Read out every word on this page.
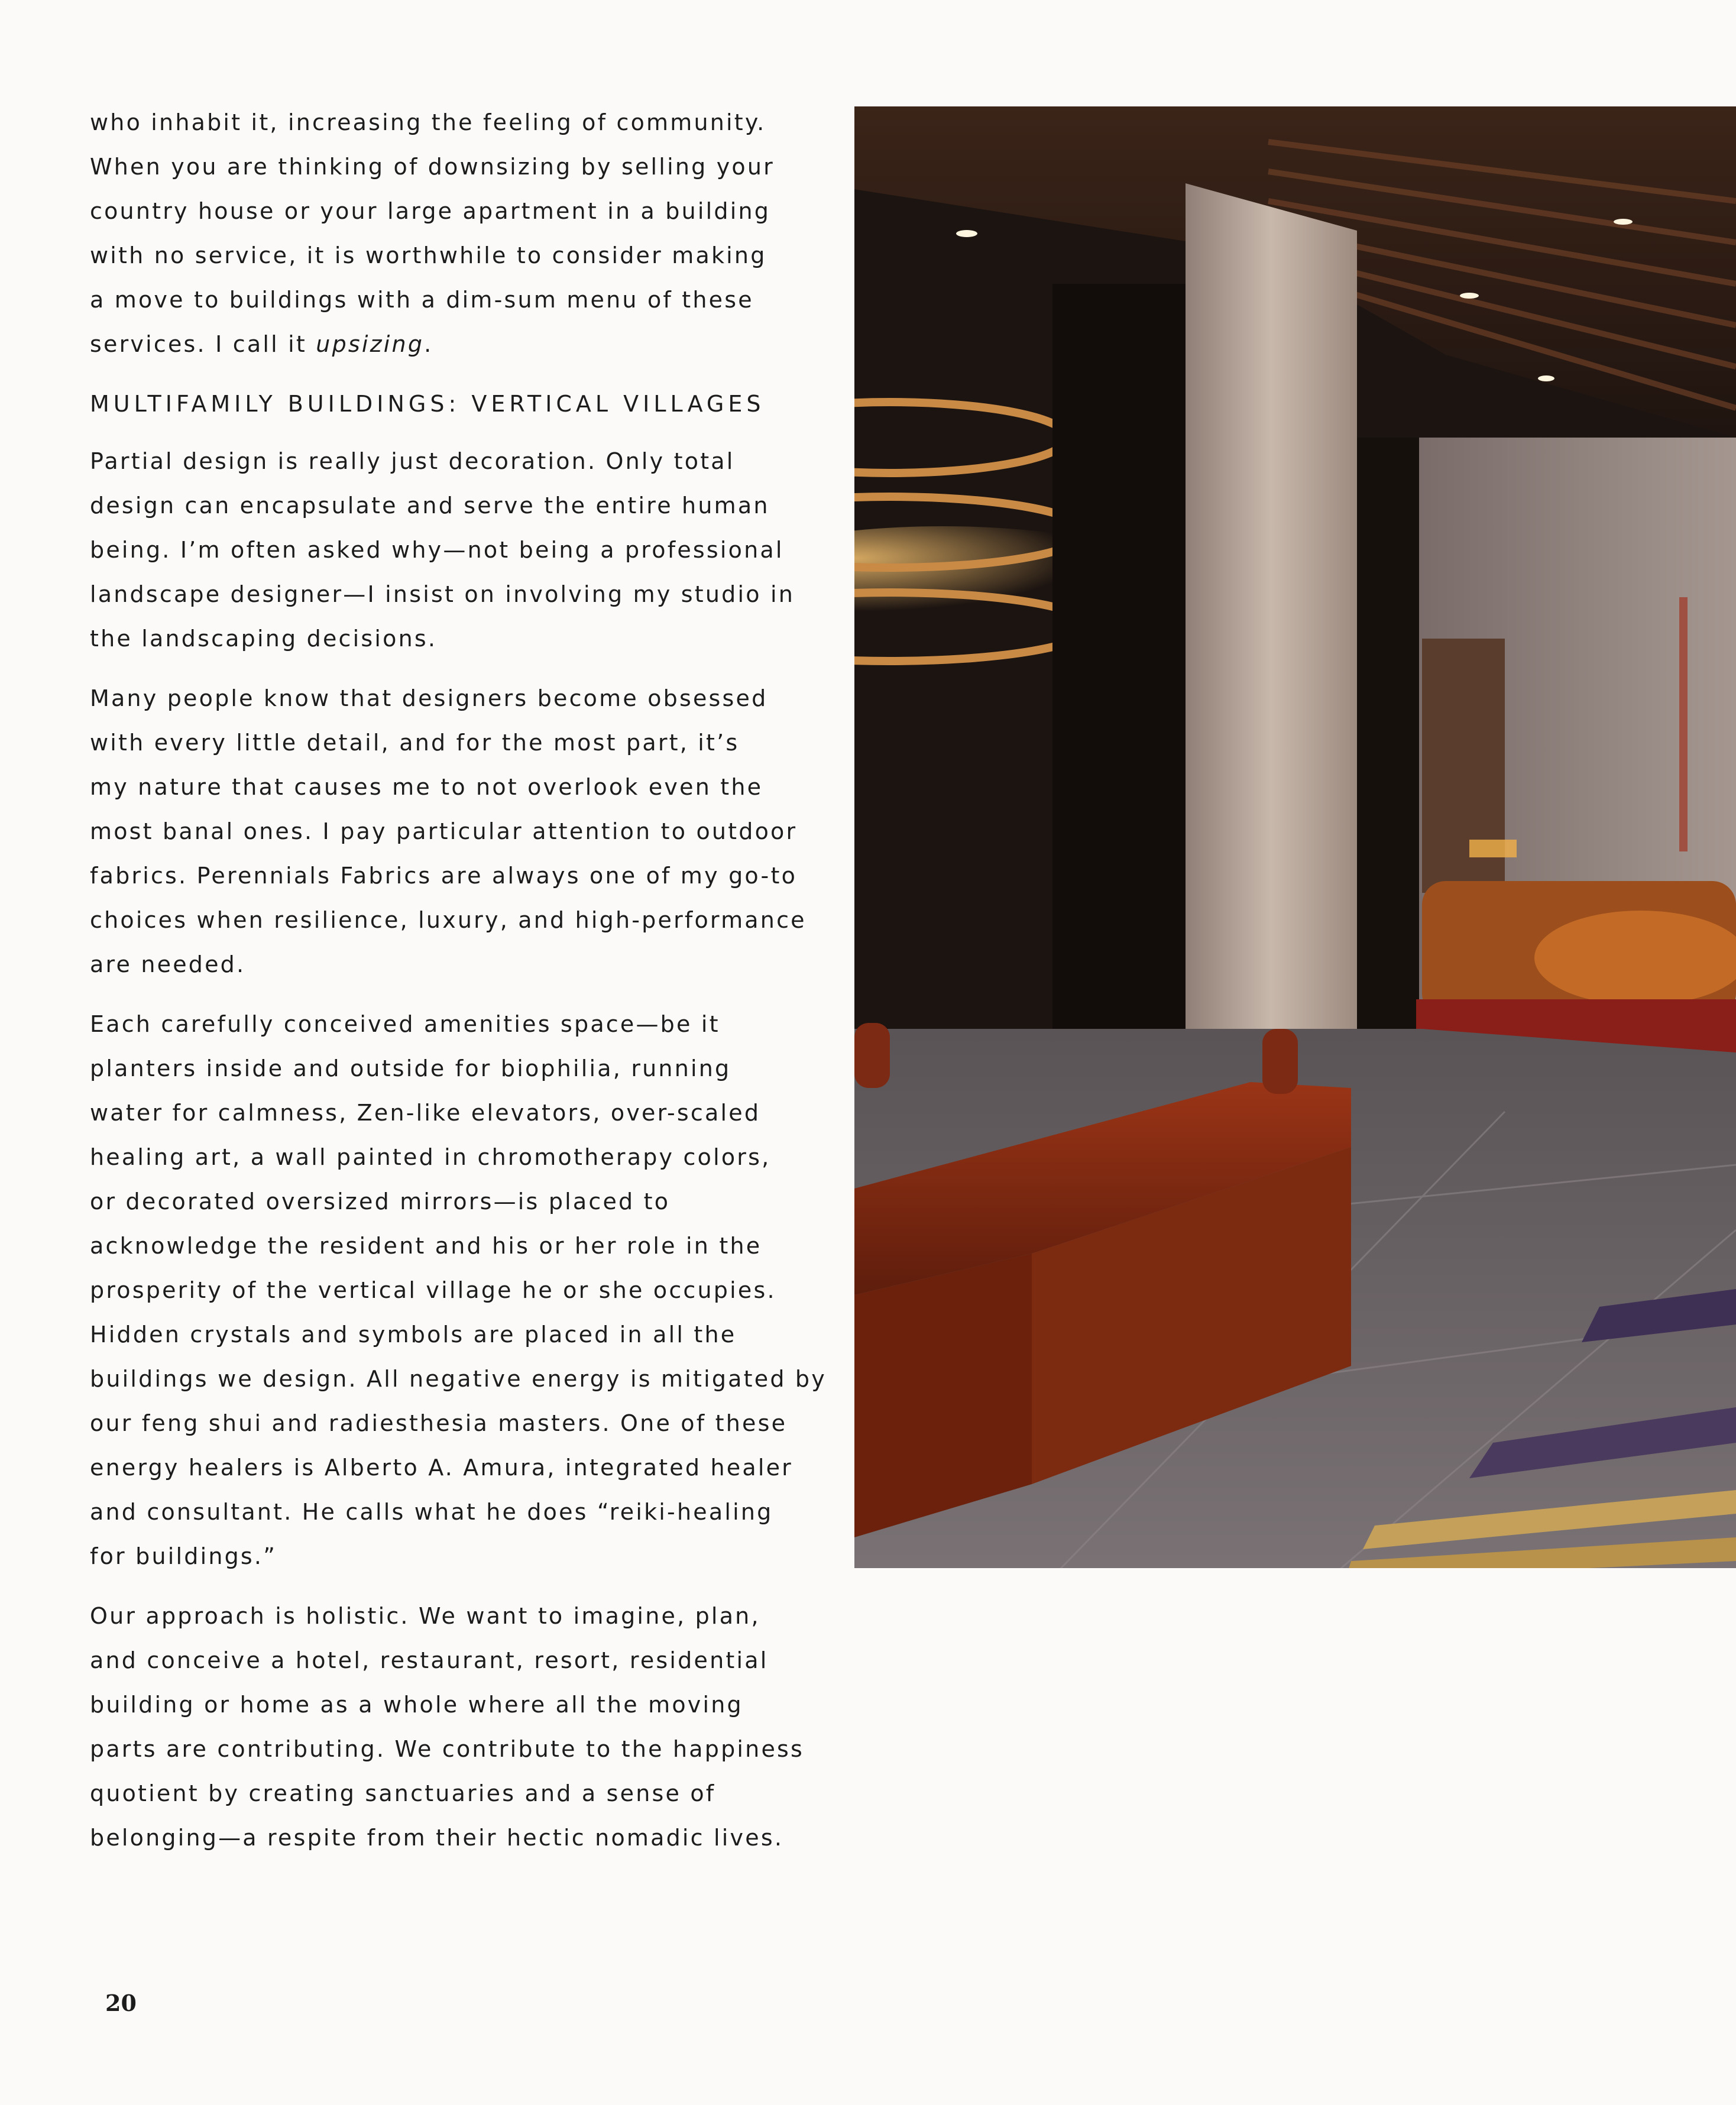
who inhabit it, increasing the feeling of community.
When you are thinking of downsizing by selling your
country house or your large apartment in a building
with no service, it is worthwhile to consider making
a move to buildings with a dim-sum menu of these
services. I call it upsizing.
MULTIFAMILY BUILDINGS: VERTICAL VILLAGES
Partial design is really just decoration. Only total
design can encapsulate and serve the entire human
being. I’m often asked why—not being a professional
landscape designer—I insist on involving my studio in
the landscaping decisions.
Many people know that designers become obsessed
with every little detail, and for the most part, it’s
my nature that causes me to not overlook even the
most banal ones. I pay particular attention to outdoor
fabrics. Perennials Fabrics are always one of my go-to
choices when resilience, luxury, and high-performance
are needed.
Each carefully conceived amenities space—be it
planters inside and outside for biophilia, running
water for calmness, Zen-like elevators, over-scaled
healing art, a wall painted in chromotherapy colors,
or decorated oversized mirrors—is placed to
acknowledge the resident and his or her role in the
prosperity of the vertical village he or she occupies.
Hidden crystals and symbols are placed in all the
buildings we design. All negative energy is mitigated by
our feng shui and radiesthesia masters. One of these
energy healers is Alberto A. Amura, integrated healer
and consultant. He calls what he does “reiki-healing
for buildings.”
Our approach is holistic. We want to imagine, plan,
and conceive a hotel, restaurant, resort, residential
building or home as a whole where all the moving
parts are contributing. We contribute to the happiness
quotient by creating sanctuaries and a sense of
belonging—a respite from their hectic nomadic lives.
20
